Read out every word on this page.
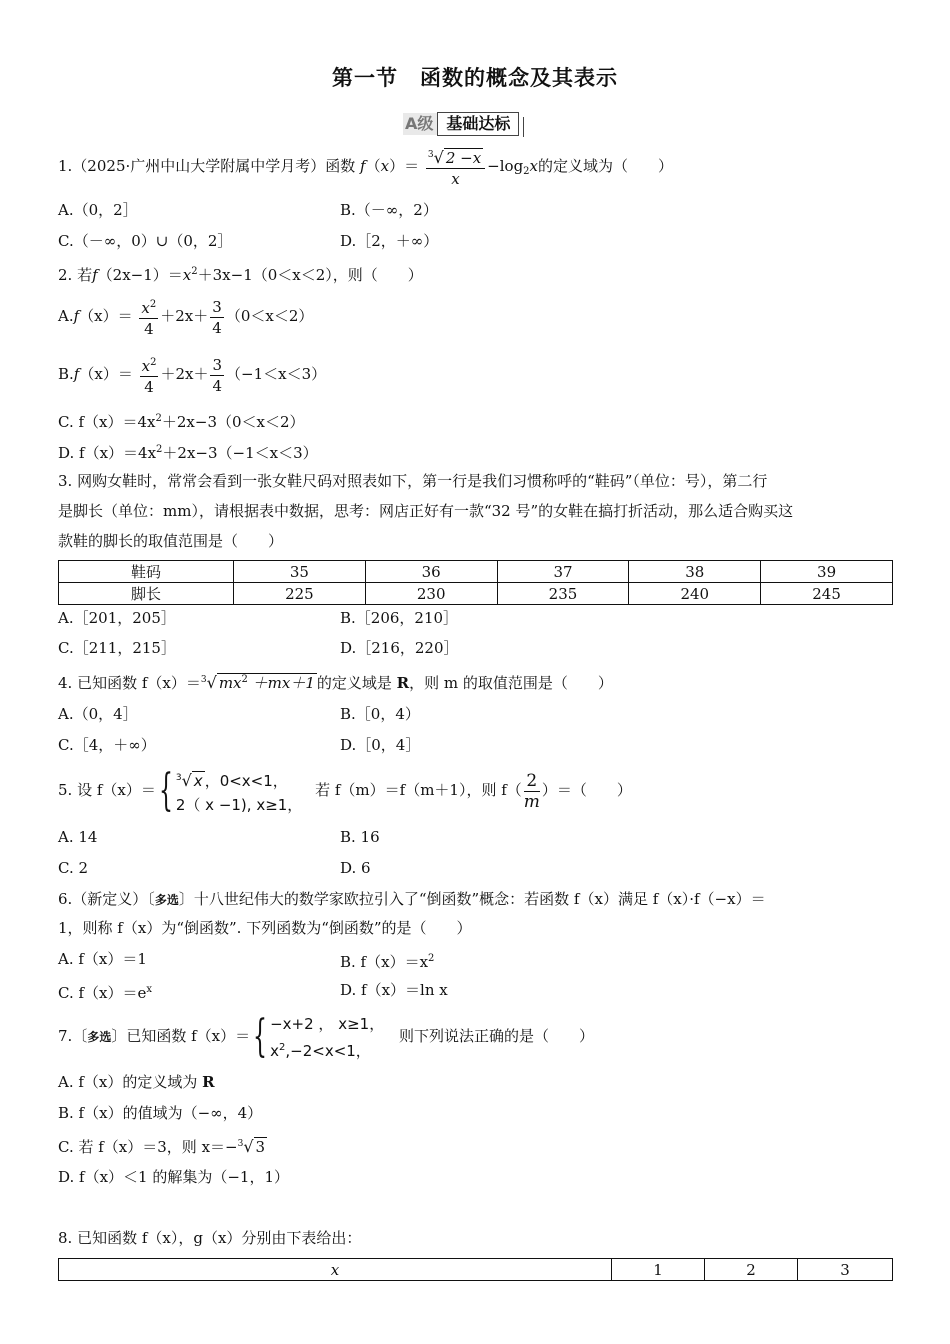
第一节　函数的概念及其表示
A级 基础达标
1.（2025·广州中山大学附属中学月考）函数 $f(x)= \frac{^3√ 2 -x}{x} -\log_2x$的定义域为（　　）
A.（0，2］	B.（－∞，2）
C.（－∞，0）∪（0，2］	D.［2，＋∞）
2. 若$f(2x-1)=x^2+3x-1(0<x<2)$，则（　　）
$A.f(x)= \frac{x^2}{4} +2x+ \frac{3}{4} (0<x<2)$
$B.f(x)= \frac{x^2}{4} +2x+ \frac{3}{4} (-1<x<3)$
C. $f(x)=4x^2+2x-3(0<x<2)$
D. $f(x)=4x^2+2x-3(-1<x<3)$
3. 网购女鞋时，常常会看到一张女鞋尺码对照表如下，第一行是我们习惯称呼的“鞋码”（单位：号），第二行
是脚长（单位：mm），请根据表中数据，思考：网店正好有一款“32 号”的女鞋在搞打折活动，那么适合购买这
款鞋的脚长的取值范围是（　　）
鞋码	35	36	37	38	39
脚长	225	230	235	240	245
A.［201，205］	B.［206，210］
C.［211，215］	D.［216，220］
4. 已知函数 f（x）＝$^3$√ $mx^2 +mx+1$ 的定义域是 R，则 m 的取值范围是（　　）
A.（0，4］	B.［0，4）
C.［4，＋∞）	D.［0，4］
5. 设 f（x）＝{ $^3$√ x ，0<x<1，
2（ x −1), x≥1，
若 f（m）＝f（m＋1），则 $f( \frac{2}{m}$ ）＝（　　）
A. 14	B. 16
C. 2	D. 6
6.（新定义）〔多选〕十八世纪伟大的数学家欧拉引入了“倒函数”概念：若函数 f（x）满足 f（x）·f（−x）＝
1，则称 f（x）为“倒函数”. 下列函数为“倒函数”的是（　　）
A. f（x）＝1	B. $f(x)=x^2$
C. $f(x)=e^x$	D. f（x）＝ln x
7.〔多选〕已知函数 f（x）＝{ −x+2 ， x≥1，
$x^2,-2<x<1$，
则下列说法正确的是（　　）
A. f（x）的定义域为 R
B. f（x）的值域为（−∞，4）
C. 若 f（x）＝3，则 x＝−$^3$√ 3
D. f（x）＜1 的解集为（−1，1）
8. 已知函数 f（x），g（x）分别由下表给出：
x	1	2	3
